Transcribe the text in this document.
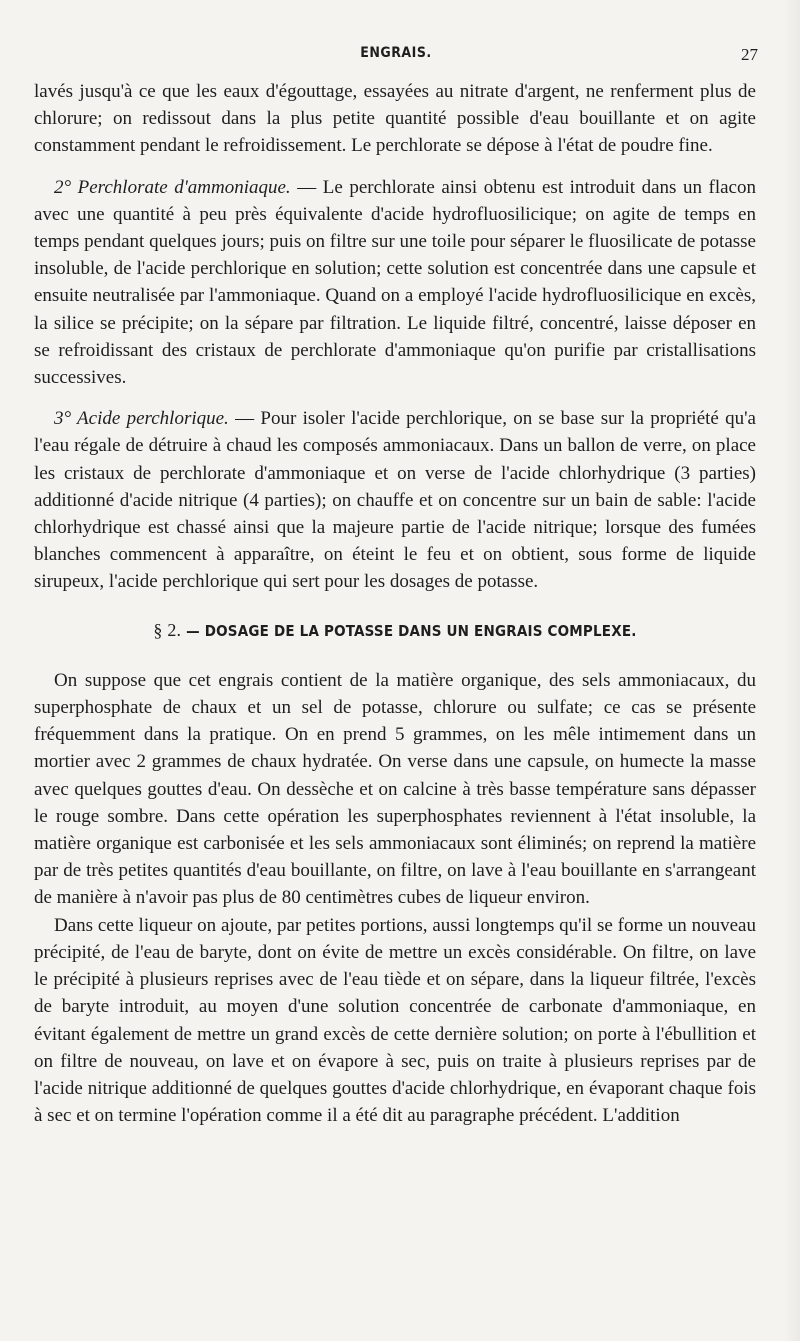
ENGRAIS.	27

lavés jusqu'à ce que les eaux d'égouttage, essayées au nitrate d'argent, ne renferment plus de chlorure; on redissout dans la plus petite quantité possible d'eau bouillante et on agite constamment pendant le refroidissement. Le perchlorate se dépose à l'état de poudre fine.

2° Perchlorate d'ammoniaque. — Le perchlorate ainsi obtenu est introduit dans un flacon avec une quantité à peu près équivalente d'acide hydrofluosilicique; on agite de temps en temps pendant quelques jours; puis on filtre sur une toile pour séparer le fluosilicate de potasse insoluble, de l'acide perchlorique en solution; cette solution est concentrée dans une capsule et ensuite neutralisée par l'ammoniaque. Quand on a employé l'acide hydrofluosilicique en excès, la silice se précipite; on la sépare par filtration. Le liquide filtré, concentré, laisse déposer en se refroidissant des cristaux de perchlorate d'ammoniaque qu'on purifie par cristallisations successives.

3° Acide perchlorique. — Pour isoler l'acide perchlorique, on se base sur la propriété qu'a l'eau régale de détruire à chaud les composés ammoniacaux. Dans un ballon de verre, on place les cristaux de perchlorate d'ammoniaque et on verse de l'acide chlorhydrique (3 parties) additionné d'acide nitrique (4 parties); on chauffe et on concentre sur un bain de sable: l'acide chlorhydrique est chassé ainsi que la majeure partie de l'acide nitrique; lorsque des fumées blanches commencent à apparaître, on éteint le feu et on obtient, sous forme de liquide sirupeux, l'acide perchlorique qui sert pour les dosages de potasse.

§ 2. — DOSAGE DE LA POTASSE DANS UN ENGRAIS COMPLEXE.

On suppose que cet engrais contient de la matière organique, des sels ammoniacaux, du superphosphate de chaux et un sel de potasse, chlorure ou sulfate; ce cas se présente fréquemment dans la pratique. On en prend 5 grammes, on les mêle intimement dans un mortier avec 2 grammes de chaux hydratée. On verse dans une capsule, on humecte la masse avec quelques gouttes d'eau. On dessèche et on calcine à très basse température sans dépasser le rouge sombre. Dans cette opération les superphosphates reviennent à l'état insoluble, la matière organique est carbonisée et les sels ammoniacaux sont éliminés; on reprend la matière par de très petites quantités d'eau bouillante, on filtre, on lave à l'eau bouillante en s'arrangeant de manière à n'avoir pas plus de 80 centimètres cubes de liqueur environ.

Dans cette liqueur on ajoute, par petites portions, aussi longtemps qu'il se forme un nouveau précipité, de l'eau de baryte, dont on évite de mettre un excès considérable. On filtre, on lave le précipité à plusieurs reprises avec de l'eau tiède et on sépare, dans la liqueur filtrée, l'excès de baryte introduit, au moyen d'une solution concentrée de carbonate d'ammoniaque, en évitant également de mettre un grand excès de cette dernière solution; on porte à l'ébullition et on filtre de nouveau, on lave et on évapore à sec, puis on traite à plusieurs reprises par de l'acide nitrique additionné de quelques gouttes d'acide chlorhydrique, en évaporant chaque fois à sec et on termine l'opération comme il a été dit au paragraphe précédent. L'addition
